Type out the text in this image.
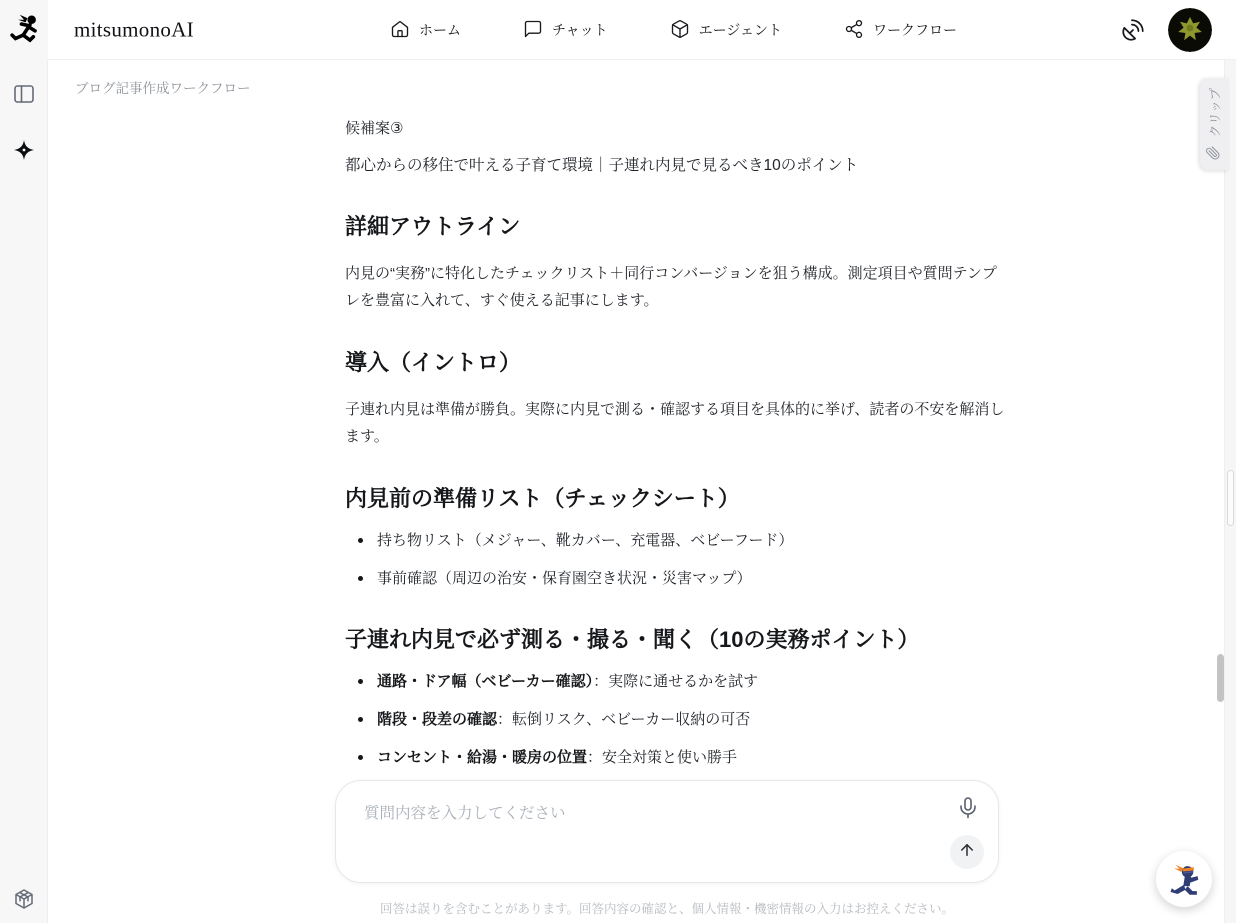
mitsumonoAI	ホーム	チャット	エージェント	ワークフロー
ブログ記事作成ワークフロー
候補案③
都心からの移住で叶える子育て環境｜子連れ内見で見るべき10のポイント
詳細アウトライン

内見の“実務”に特化したチェックリスト＋同行コンバージョンを狙う構成。測定項目や質問テンプレを豊富に入れて、すぐ使える記事にします。

導入（イントロ）

子連れ内見は準備が勝負。実際に内見で測る・確認する項目を具体的に挙げ、読者の不安を解消します。

内見前の準備リスト（チェックシート）
持ち物リスト（メジャー、靴カバー、充電器、ベビーフード）
事前確認（周辺の治安・保育園空き状況・災害マップ）
子連れ内見で必ず測る・撮る・聞く（10の実務ポイント）
通路・ドア幅（ベビーカー確認）：実際に通せるかを試す
階段・段差の確認：転倒リスク、ベビーカー収納の可否
コンセント・給湯・暖房の位置：安全対策と使い勝手
クリップ
質問内容を入力してください
回答は誤りを含むことがあります。回答内容の確認と、個人情報・機密情報の入力はお控えください。
